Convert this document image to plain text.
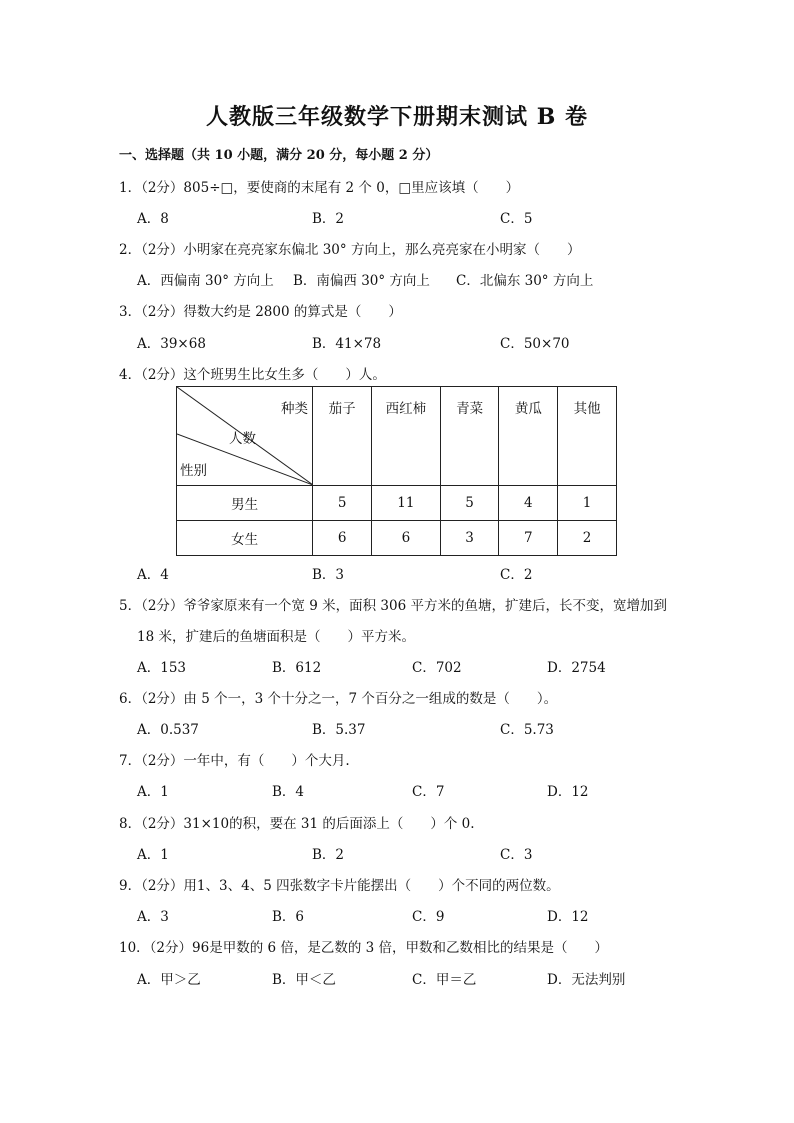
人教版三年级数学下册期末测试 B 卷
一、选择题（共 10 小题，满分 20 分，每小题 2 分）
1．（2分）805÷□，要使商的末尾有 2 个 0，□里应该填（　　）
A．8	B．2	C．5
2．（2分）小明家在亮亮家东偏北 30° 方向上，那么亮亮家在小明家（　　）
A．西偏南 30° 方向上 B．南偏西 30° 方向上 C．北偏东 30° 方向上
3．（2分）得数大约是 2800 的算式是（　　）
A．39×68	B．41×78	C．50×70
4．（2分）这个班男生比女生多（　　）人。
种类
人数
性别	茄子	西红柿	青菜	黄瓜	其他
男生	5	11	5	4	1
女生	6	6	3	7	2
A．4	B．3	C．2
5．（2分）爷爷家原来有一个宽 9 米，面积 306 平方米的鱼塘，扩建后，长不变，宽增加到
18 米，扩建后的鱼塘面积是（　　）平方米。
A．153	B．612	C．702	D．2754
6．（2分）由 5 个一，3 个十分之一，7 个百分之一组成的数是（　　）。
A．0.537	B．5.37	C．5.73
7．（2分）一年中，有（　　）个大月.
A．1	B．4	C．7	D．12
8．（2分）31×10的积，要在 31 的后面添上（　　）个 0.
A．1	B．2	C．3
9．（2分）用1、3、4、5 四张数字卡片能摆出（　　）个不同的两位数。
A．3	B．6	C．9	D．12
10．（2分）96是甲数的 6 倍，是乙数的 3 倍，甲数和乙数相比的结果是（　　）
A．甲＞乙	B．甲＜乙	C．甲＝乙	D．无法判别
